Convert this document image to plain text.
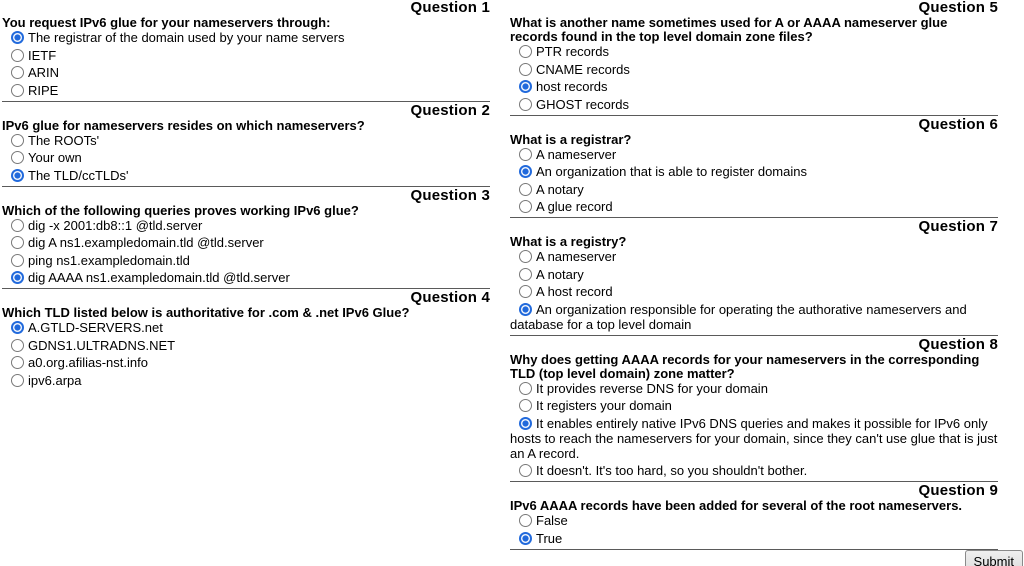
Question 1
You request IPv6 glue for your nameservers through:
The registrar of the domain used by your name servers
IETF
ARIN
RIPE
Question 2
IPv6 glue for nameservers resides on which nameservers?
The ROOTs'
Your own
The TLD/ccTLDs'
Question 3
Which of the following queries proves working IPv6 glue?
dig -x 2001:db8::1 @tld.server
dig A ns1.exampledomain.tld @tld.server
ping ns1.exampledomain.tld
dig AAAA ns1.exampledomain.tld @tld.server
Question 4
Which TLD listed below is authoritative for .com & .net IPv6 Glue?
A.GTLD-SERVERS.net
GDNS1.ULTRADNS.NET
a0.org.afilias-nst.info
ipv6.arpa
Question 5
What is another name sometimes used for A or AAAA nameserver glue records found in the top level domain zone files?
PTR records
CNAME records
host records
GHOST records
Question 6
What is a registrar?
A nameserver
An organization that is able to register domains
A notary
A glue record
Question 7
What is a registry?
A nameserver
A notary
A host record
An organization responsible for operating the authorative nameservers and database for a top level domain
Question 8
Why does getting AAAA records for your nameservers in the corresponding TLD (top level domain) zone matter?
It provides reverse DNS for your domain
It registers your domain
It enables entirely native IPv6 DNS queries and makes it possible for IPv6 only hosts to reach the nameservers for your domain, since they can't use glue that is just an A record.
It doesn't. It's too hard, so you shouldn't bother.
Question 9
IPv6 AAAA records have been added for several of the root nameservers.
False
True
Submit
